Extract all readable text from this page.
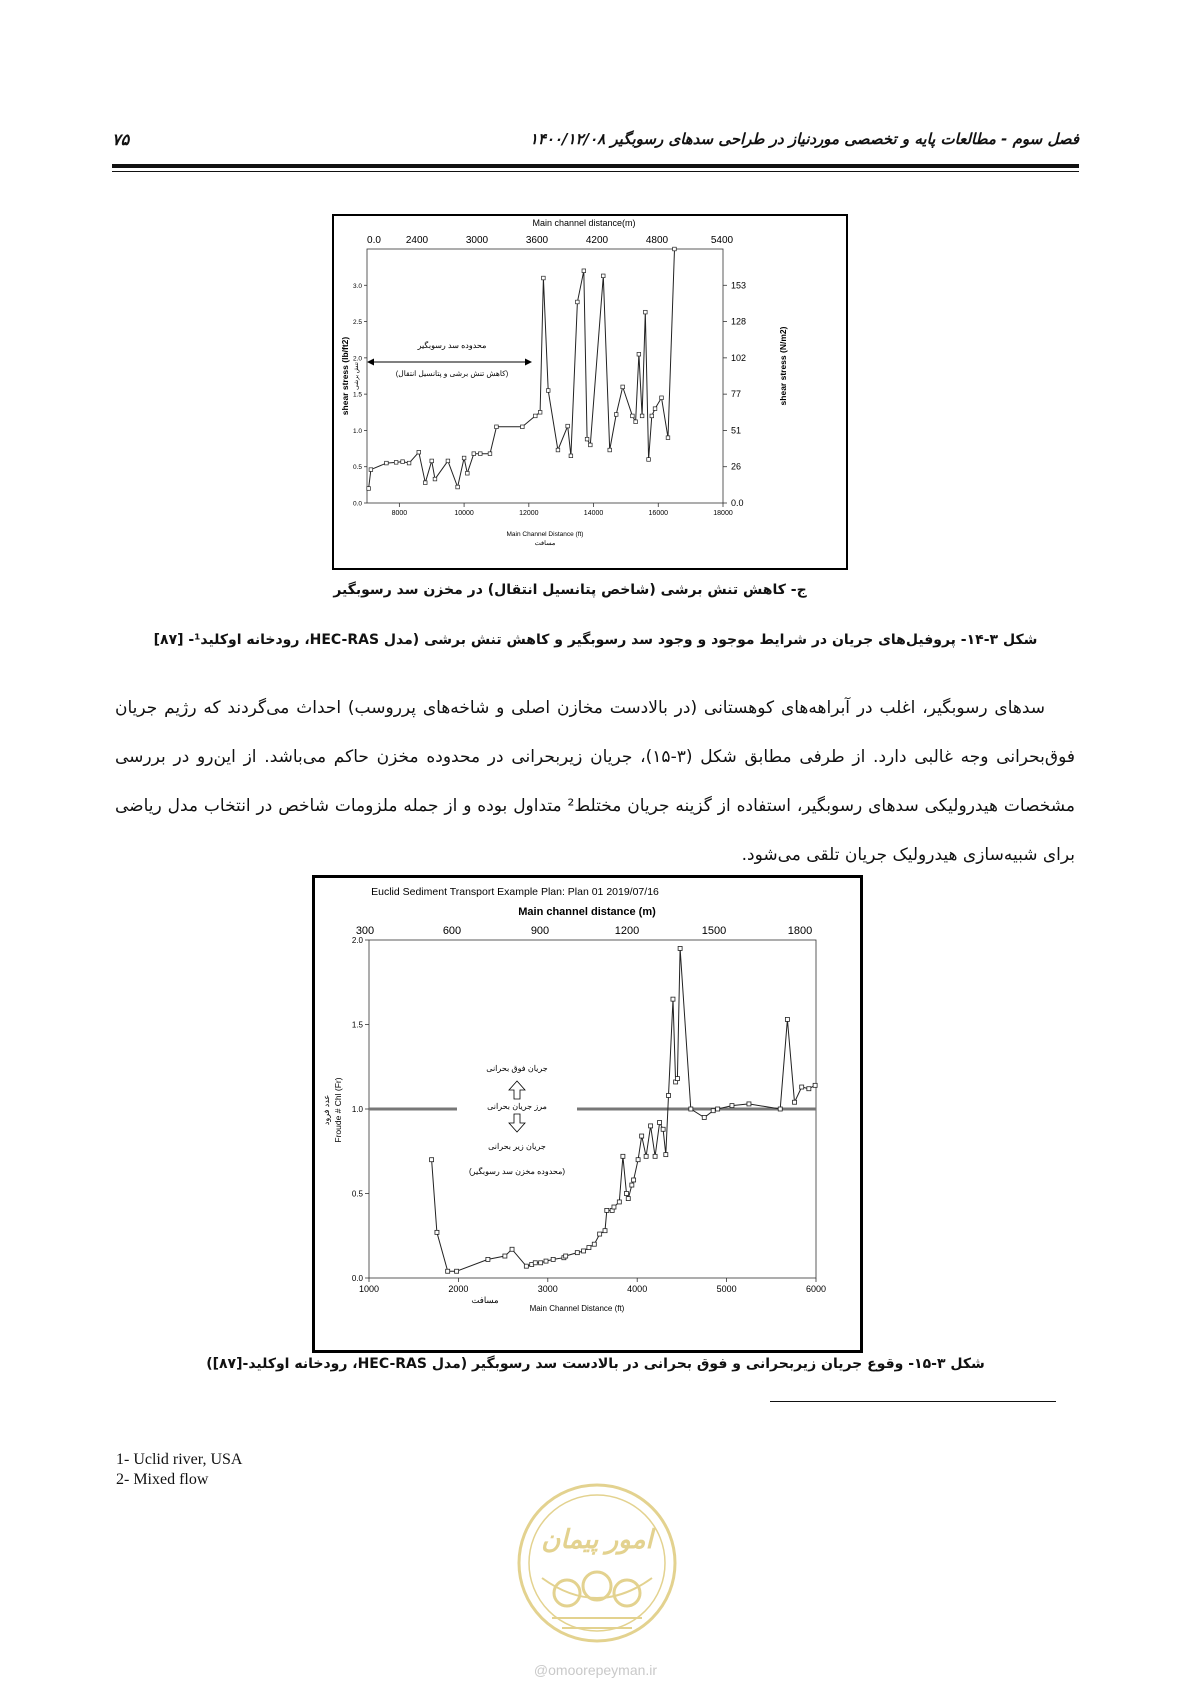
فصل سوم - مطالعات پایه و تخصصی موردنیاز در طراحی سدهای رسوبگیر ۱۴۰۰/۱۲/۰۸
۷۵
Main channel distance(m)
0.0 2400	3000	3600	4200	4800	5400
8000	10000	12000	14000	16000	18000
0.0
0.5
1.0
1.5
2.0
2.5
3.0	153
128
102
77
51
26
0.0
محدوده سد رسوبگیر
(کاهش تنش برشی و پتانسیل انتقال)
Main Channel Distance (ft)
مسافت
shear stress (lb/ft2) تنش برشی	shear stress (N/m2)
ج- کاهش تنش برشی (شاخص پتانسیل انتقال) در مخزن سد رسوبگیر
شکل ۳-۱۴- پروفیل‌های جریان در شرایط موجود و وجود سد رسوبگیر و کاهش تنش برشی (مدل HEC-RAS، رودخانه اوکلید¹- [۸۷]

سدهای رسوبگیر، اغلب در آبراهه‌های کوهستانی (در بالادست مخازن اصلی و شاخه‌های پرروسب) احداث می‌گردند که رژیم جریان فوق‌بحرانی وجه غالبی دارد. از طرفی مطابق شکل (۳-۱۵)، جریان زیربحرانی در محدوده مخزن حاکم می‌باشد. از این‌رو در بررسی مشخصات هیدرولیکی سدهای رسوبگیر، استفاده از گزینه جریان مختلط² متداول بوده و از جمله ملزومات شاخص در انتخاب مدل ریاضی برای شبیه‌سازی هیدرولیک جریان تلقی می‌شود.

Euclid Sediment Transport Example Plan: Plan 01 2019/07/16
Main channel distance (m)
300	600	900	1200	1500	1800
1000	2000	3000	4000	5000	6000
0.0
0.5
1.0
1.5
2.0
جریان فوق بحرانی
مرز جریان بحرانی
جریان زیر بحرانی
(محدوده مخزن سد رسوبگیر)
عدد فرود Froude # Chl (Fr)
مسافت
Main Channel Distance (ft)
شکل ۳-۱۵- وقوع جریان زیربحرانی و فوق بحرانی در بالادست سد رسوبگیر (مدل HEC-RAS، رودخانه اوکلید-[۸۷])
1- Uclid river, USA
2- Mixed flow
امور پیمان
@omoorepeyman.ir
